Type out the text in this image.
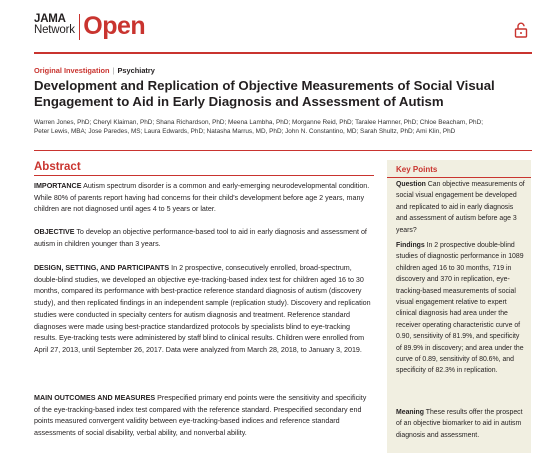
JAMA
Network Open
Original Investigation | Psychiatry
Development and Replication of Objective Measurements of Social Visual Engagement to Aid in Early Diagnosis and Assessment of Autism
Warren Jones, PhD; Cheryl Klaiman, PhD; Shana Richardson, PhD; Meena Lambha, PhD; Morganne Reid, PhD; Taralee Hamner, PhD; Chloe Beacham, PhD;
Peter Lewis, MBA; Jose Paredes, MS; Laura Edwards, PhD; Natasha Marrus, MD, PhD; John N. Constantino, MD; Sarah Shultz, PhD; Ami Klin, PhD
Abstract

IMPORTANCE Autism spectrum disorder is a common and early-emerging neurodevelopmental condition. While 80% of parents report having had concerns for their child's development before age 2 years, many children are not diagnosed until ages 4 to 5 years or later.

OBJECTIVE To develop an objective performance-based tool to aid in early diagnosis and assessment of autism in children younger than 3 years.

DESIGN, SETTING, AND PARTICIPANTS In 2 prospective, consecutively enrolled, broad-spectrum, double-blind studies, we developed an objective eye-tracking-based index test for children aged 16 to 30 months, compared its performance with best-practice reference standard diagnosis of autism (discovery study), and then replicated findings in an independent sample (replication study). Discovery and replication studies were conducted in specialty centers for autism diagnosis and treatment. Reference standard diagnoses were made using best-practice standardized protocols by specialists blind to eye-tracking results. Eye-tracking tests were administered by staff blind to clinical results. Children were enrolled from April 27, 2013, until September 26, 2017. Data were analyzed from March 28, 2018, to January 3, 2019.

MAIN OUTCOMES AND MEASURES Prespecified primary end points were the sensitivity and specificity of the eye-tracking-based index test compared with the reference standard. Prespecified secondary end points measured convergent validity between eye-tracking-based indices and reference standard assessments of social disability, verbal ability, and nonverbal ability.

Key Points

Question Can objective measurements of social visual engagement be developed and replicated to aid in early diagnosis and assessment of autism before age 3 years?

Findings In 2 prospective double-blind studies of diagnostic performance in 1089 children aged 16 to 30 months, 719 in discovery and 370 in replication, eye-tracking-based measurements of social visual engagement relative to expert clinical diagnosis had area under the receiver operating characteristic curve of 0.90, sensitivity of 81.9%, and specificity of 89.9% in discovery; and area under the curve of 0.89, sensitivity of 80.6%, and specificity of 82.3% in replication.

Meaning These results offer the prospect of an objective biomarker to aid in autism diagnosis and assessment.
